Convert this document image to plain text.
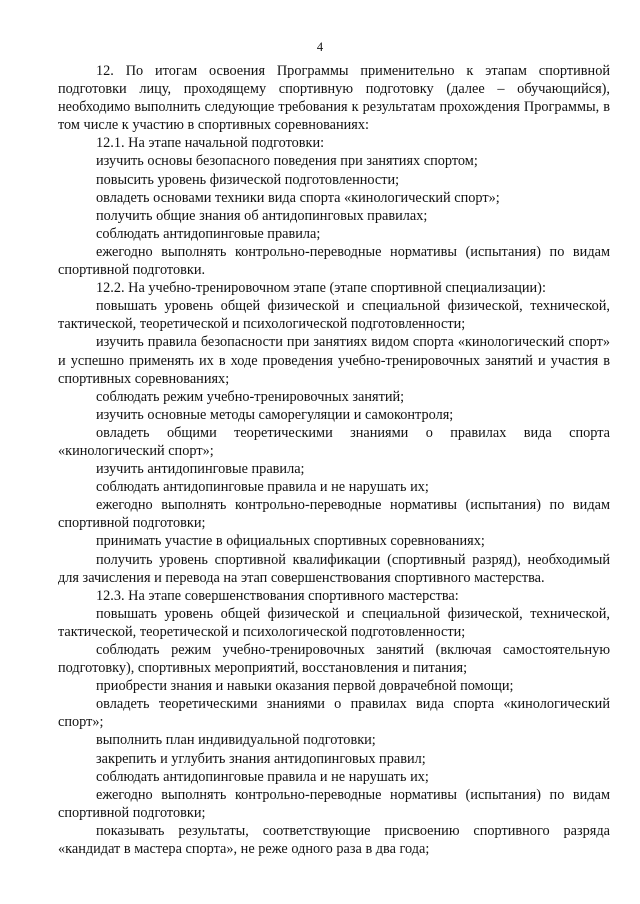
4

12. По итогам освоения Программы применительно к этапам спортивной подготовки лицу, проходящему спортивную подготовку (далее – обучающийся), необходимо выполнить следующие требования к результатам прохождения Программы, в том числе к участию в спортивных соревнованиях:

12.1. На этапе начальной подготовки:

изучить основы безопасного поведения при занятиях спортом;

повысить уровень физической подготовленности;

овладеть основами техники вида спорта «кинологический спорт»;

получить общие знания об антидопинговых правилах;

соблюдать антидопинговые правила;

ежегодно выполнять контрольно-переводные нормативы (испытания) по видам спортивной подготовки.

12.2. На учебно-тренировочном этапе (этапе спортивной специализации):

повышать уровень общей физической и специальной физической, технической, тактической, теоретической и психологической подготовленности;

изучить правила безопасности при занятиях видом спорта «кинологический спорт» и успешно применять их в ходе проведения учебно-тренировочных занятий и участия в спортивных соревнованиях;

соблюдать режим учебно-тренировочных занятий;

изучить основные методы саморегуляции и самоконтроля;

овладеть общими теоретическими знаниями о правилах вида спорта «кинологический спорт»;

изучить антидопинговые правила;

соблюдать антидопинговые правила и не нарушать их;

ежегодно выполнять контрольно-переводные нормативы (испытания) по видам спортивной подготовки;

принимать участие в официальных спортивных соревнованиях;

получить уровень спортивной квалификации (спортивный разряд), необходимый для зачисления и перевода на этап совершенствования спортивного мастерства.

12.3. На этапе совершенствования спортивного мастерства:

повышать уровень общей физической и специальной физической, технической, тактической, теоретической и психологической подготовленности;

соблюдать режим учебно-тренировочных занятий (включая самостоятельную подготовку), спортивных мероприятий, восстановления и питания;

приобрести знания и навыки оказания первой доврачебной помощи;

овладеть теоретическими знаниями о правилах вида спорта «кинологический спорт»;

выполнить план индивидуальной подготовки;

закрепить и углубить знания антидопинговых правил;

соблюдать антидопинговые правила и не нарушать их;

ежегодно выполнять контрольно-переводные нормативы (испытания) по видам спортивной подготовки;

показывать результаты, соответствующие присвоению спортивного разряда «кандидат в мастера спорта», не реже одного раза в два года;
